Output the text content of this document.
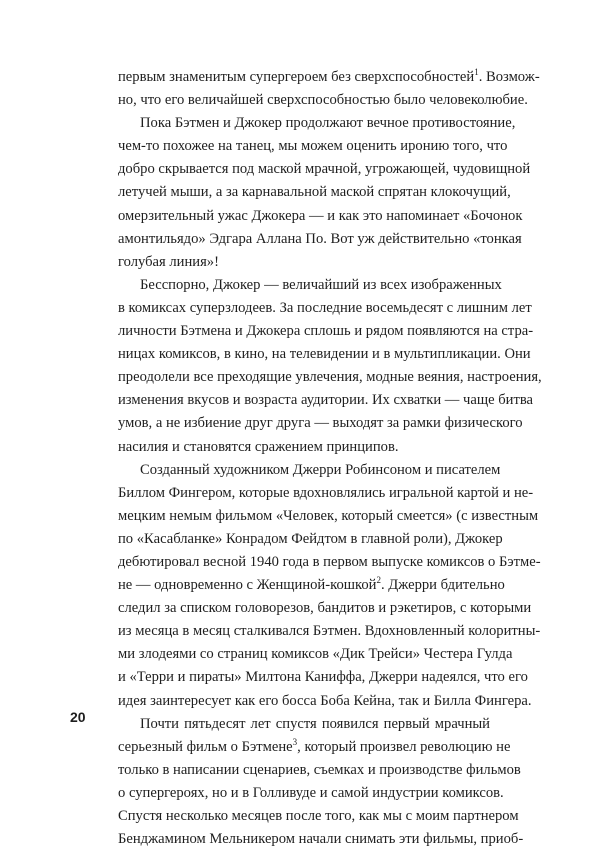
первым знаменитым супергероем без сверхспособностей$^1$. Возмож-
но, что его величайшей сверхспособностью было человеколюбие.

Пока Бэтмен и Джокер продолжают вечное противостояние,
чем-то похожее на танец, мы можем оценить иронию того, что
добро скрывается под маской мрачной, угрожающей, чудовищной
летучей мыши, а за карнавальной маской спрятан клокочущий,
омерзительный ужас Джокера — и как это напоминает «Бочонок
амонтильядо» Эдгара Аллана По. Вот уж действительно «тонкая
голубая линия»!

Бесспорно, Джокер — величайший из всех изображенных
в комиксах суперзлодеев. За последние восемьдесят с лишним лет
личности Бэтмена и Джокера сплошь и рядом появляются на стра-
ницах комиксов, в кино, на телевидении и в мультипликации. Они
преодолели все преходящие увлечения, модные веяния, настроения,
изменения вкусов и возраста аудитории. Их схватки — чаще битва
умов, а не избиение друг друга — выходят за рамки физического
насилия и становятся сражением принципов.

Созданный художником Джерри Робинсоном и писателем
Биллом Фингером, которые вдохновлялись игральной картой и не-
мецким немым фильмом «Человек, который смеется» (с известным
по «Касабланке» Конрадом Фейдтом в главной роли), Джокер
дебютировал весной 1940 года в первом выпуске комиксов о Бэтме-
не — одновременно с Женщиной-кошкой$^2$. Джерри бдительно
следил за списком головорезов, бандитов и рэкетиров, с которыми
из месяца в месяц сталкивался Бэтмен. Вдохновленный колоритны-
ми злодеями со страниц комиксов «Дик Трейси» Честера Гулда
и «Терри и пираты» Милтона Каниффа, Джерри надеялся, что его
идея заинтересует как его босса Боба Кейна, так и Билла Фингера.

Почти пятьдесят лет спустя появился первый мрачный
серьезный фильм о Бэтмене$^3$, который произвел революцию не
только в написании сценариев, съемках и производстве фильмов
о супергероях, но и в Голливуде и самой индустрии комиксов.
Спустя несколько месяцев после того, как мы с моим партнером
Бенджамином Мельникером начали снимать эти фильмы, приоб-

20
